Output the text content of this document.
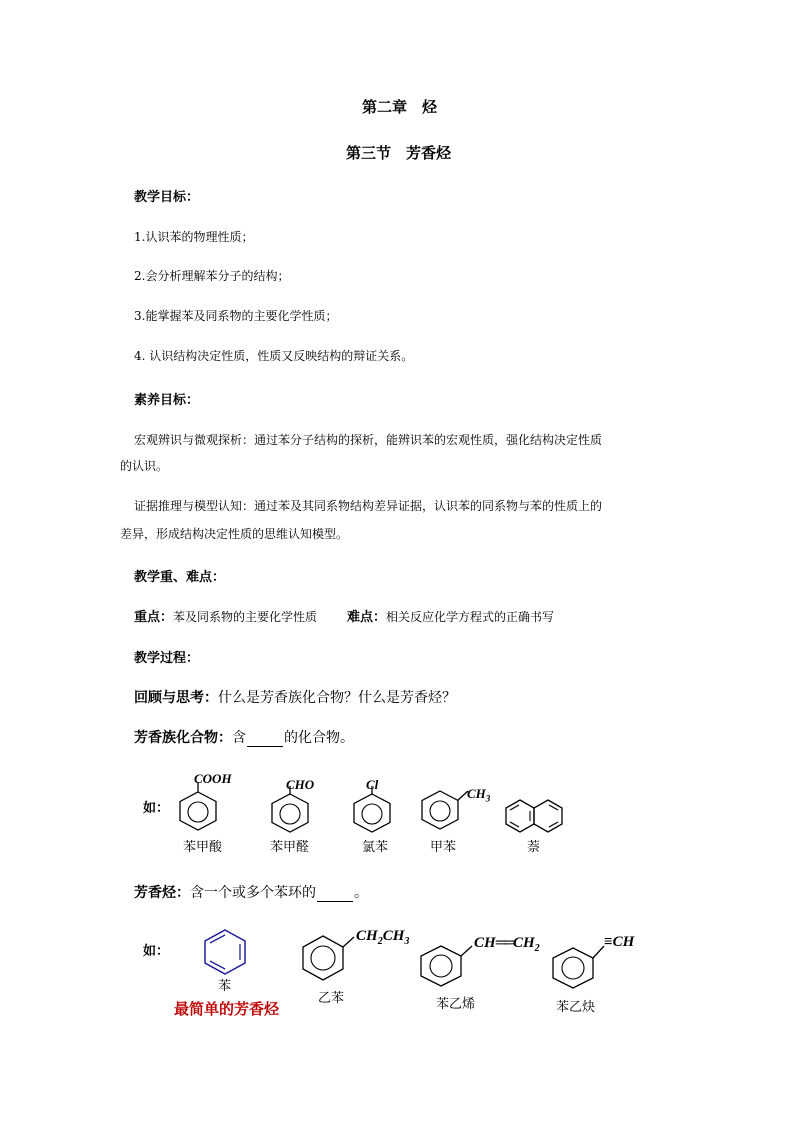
第二章　烃
第三节　芳香烃
教学目标：
1.认识苯的物理性质；
2.会分析理解苯分子的结构；
3.能掌握苯及同系物的主要化学性质；
4. 认识结构决定性质，性质又反映结构的辩证关系。
素养目标：
宏观辨识与微观探析：通过苯分子结构的探析，能辨识苯的宏观性质，强化结构决定性质
的认识。
证据推理与模型认知：通过苯及其同系物结构差异证据，认识苯的同系物与苯的性质上的
差异，形成结构决定性质的思维认知模型。
教学重、难点：
重点：苯及同系物的主要化学性质 难点：相关反应化学方程式的正确书写
教学过程：
回顾与思考：什么是芳香族化合物？什么是芳香烃？
芳香族化合物：含	的化合物。
如：
COOH
苯甲酸
CHO
苯甲醛
Cl
氯苯
$CH_3$
甲苯	萘
芳香烃：含一个或多个苯环的	。
如：
苯
最简单的芳香烃
$CH_2CH_3$
乙苯
$CH══CH_2$
苯乙烯
≡CH
苯乙炔
